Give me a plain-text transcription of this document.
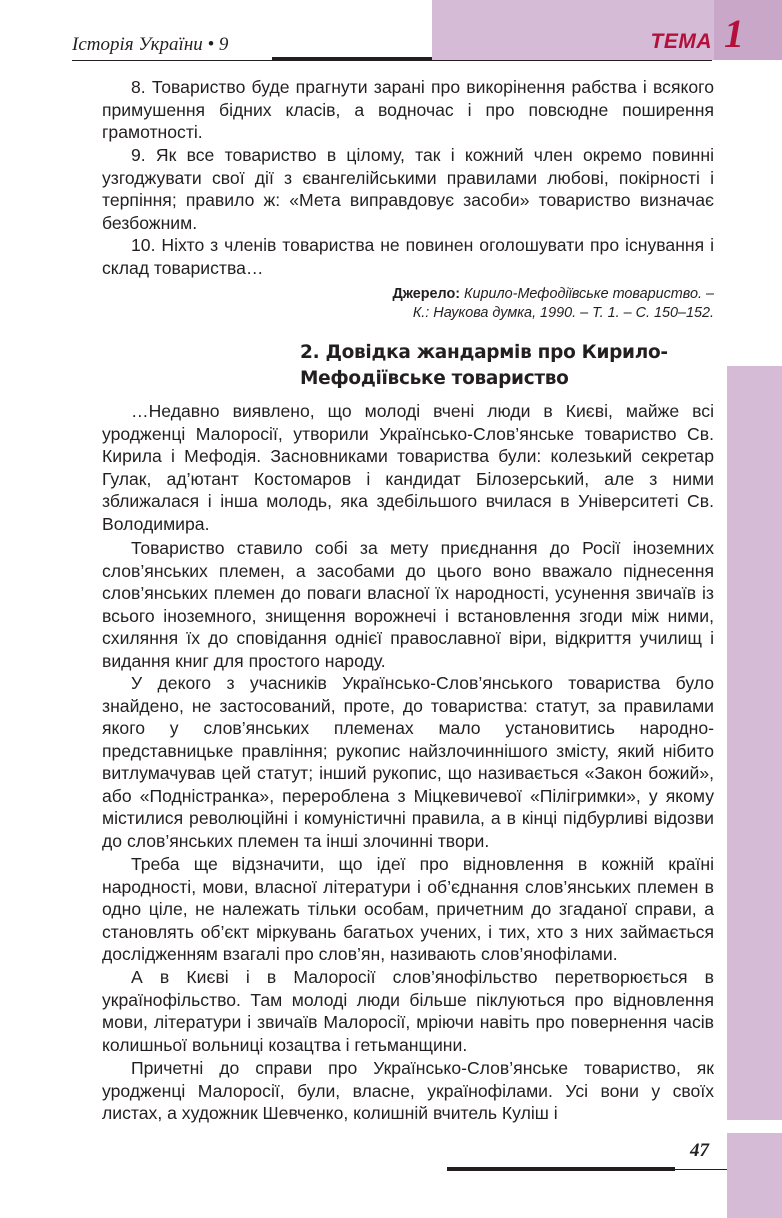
Історія України • 9	ТЕМА 1

8. Товариство буде прагнути зарані про викорінення рабства і всякого примушення бідних класів, а водночас і про повсюдне поширення грамотності.

9. Як все товариство в цілому, так і кожний член окремо повинні узгоджувати свої дії з євангелійськими правилами любові, покірності і терпіння; правило ж: «Мета виправдовує засоби» товариство визначає безбожним.

10. Ніхто з членів товариства не повинен оголошувати про існування і склад товариства…

Джерело: Кирило-Мефодіївське товариство. –
К.: Наукова думка, 1990. – Т. 1. – С. 150–152.
2. Довідка жандармів про Кирило-
Мефодіївське товариство

…Недавно виявлено, що молоді вчені люди в Києві, майже всі уродженці Малоросії, утворили Українсько-Слов’янське товариство Св. Кирила і Мефодія. Засновниками товариства були: колезький секретар Гулак, ад’ютант Костомаров і кандидат Білозерський, але з ними зближалася і інша молодь, яка здебільшого вчилася в Університеті Св. Володимира.

Товариство ставило собі за мету приєднання до Росії іноземних слов’янських племен, а засобами до цього воно вважало піднесення слов’янських племен до поваги власної їх народності, усунення звичаїв із всього іноземного, знищення ворожнечі і встановлення згоди між ними, схиляння їх до сповідання однієї православної віри, відкриття училищ і видання книг для простого народу.

У декого з учасників Українсько-Слов’янського товариства було знайдено, не застосований, проте, до товариства: статут, за правилами якого у слов’янських племенах мало установитись народно-представницьке правління; рукопис найзлочиннішого змісту, який нібито витлумачував цей статут; інший рукопис, що називається «Закон божий», або «Подністранка», перероблена з Міцкевичевої «Пілігримки», у якому містилися революційні і комуністичні правила, а в кінці підбурливі відозви до слов’янських племен та інші злочинні твори.

Треба ще відзначити, що ідеї про відновлення в кожній країні народності, мови, власної літератури і об’єднання слов’янських племен в одно ціле, не належать тільки особам, причетним до згаданої справи, а становлять об’єкт міркувань багатьох учених, і тих, хто з них займається дослідженням взагалі про слов’ян, називають слов’янофілами.

А в Києві і в Малоросії слов’янофільство перетворюється в українофільство. Там молоді люди більше піклуються про відновлення мови, літератури і звичаїв Малоросії, мріючи навіть про повернення часів колишньої вольниці козацтва і гетьманщини.

Причетні до справи про Українсько-Слов’янське товариство, як уродженці Малоросії, були, власне, українофілами. Усі вони у своїх листах, а художник Шевченко, колишній вчитель Куліш і

47
